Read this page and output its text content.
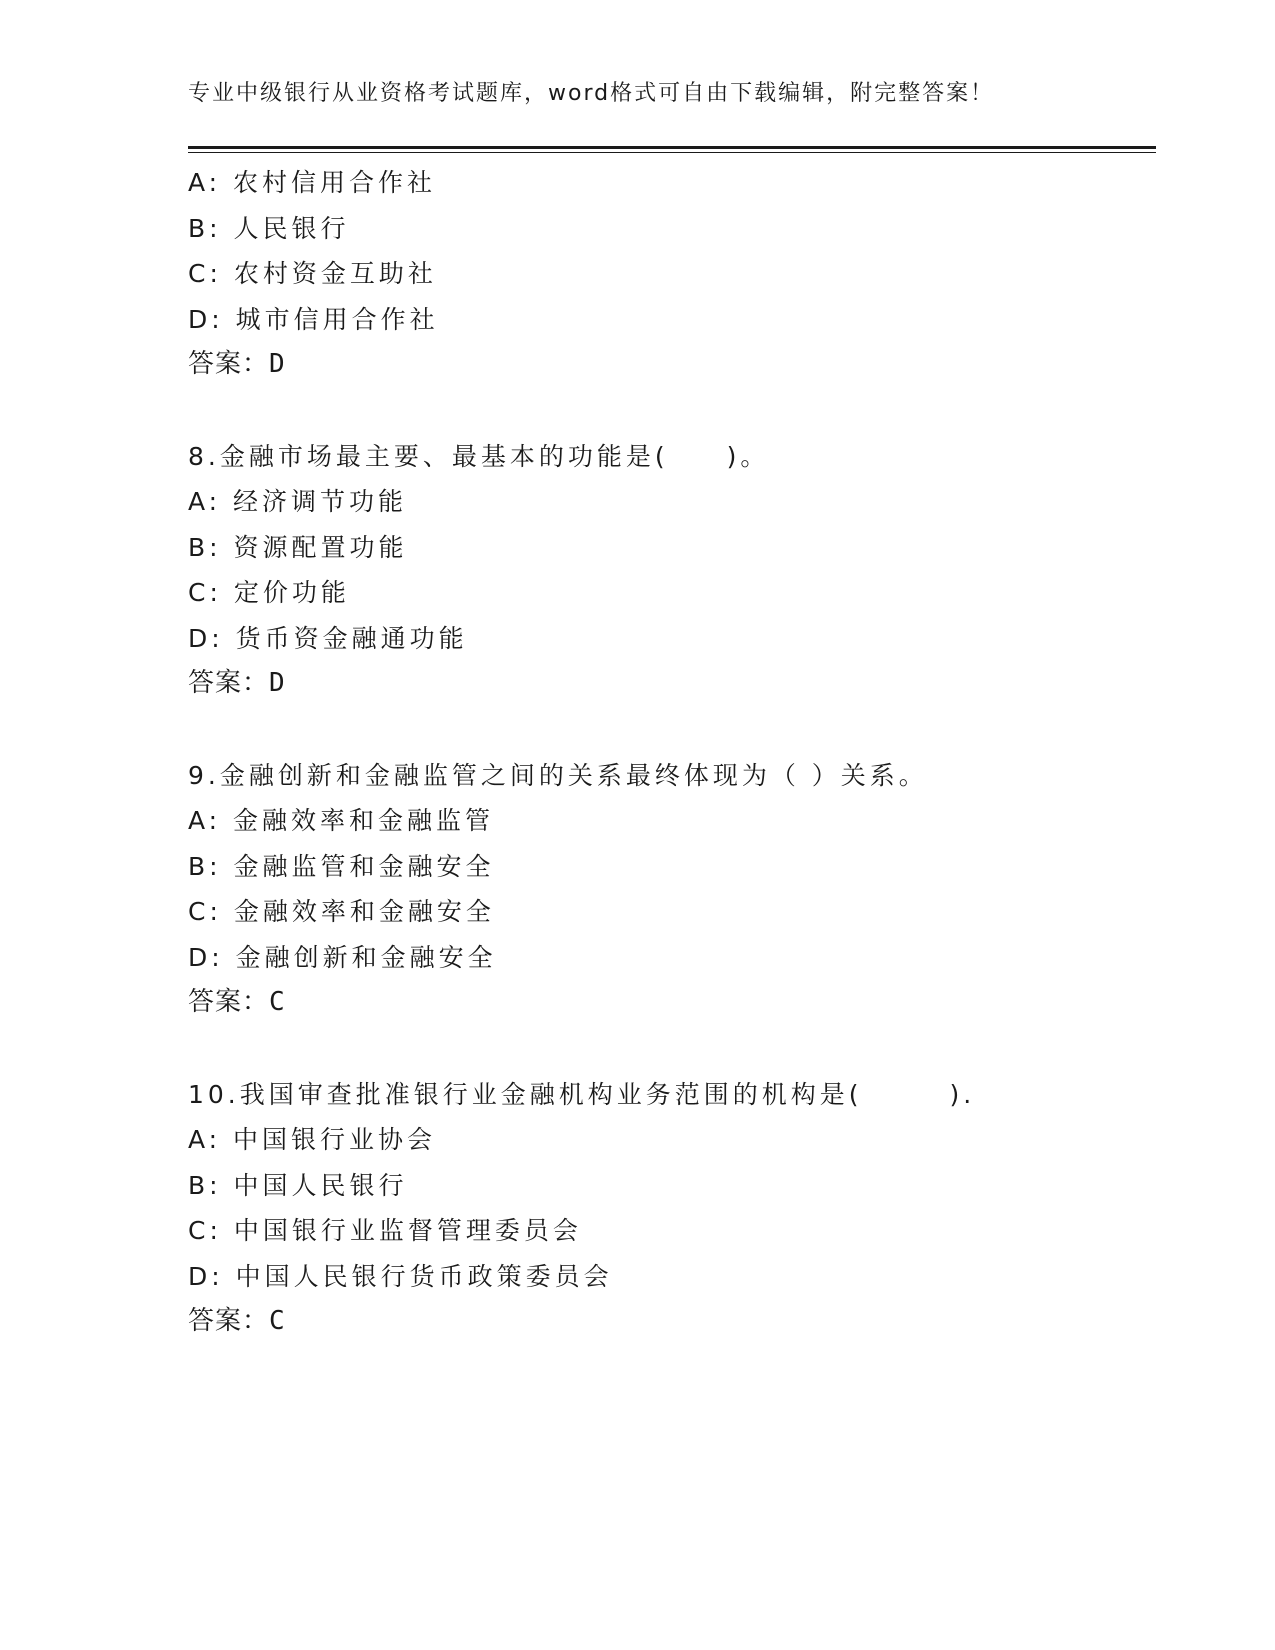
专业中级银行从业资格考试题库，word格式可自由下载编辑，附完整答案！
A: 农村信用合作社
B: 人民银行
C: 农村资金互助社
D: 城市信用合作社
答案：D
8.金融市场最主要、最基本的功能是(　　)。
A: 经济调节功能
B: 资源配置功能
C: 定价功能
D: 货币资金融通功能
答案：D
9.金融创新和金融监管之间的关系最终体现为（ ）关系。
A: 金融效率和金融监管
B: 金融监管和金融安全
C: 金融效率和金融安全
D: 金融创新和金融安全
答案：C
10.我国审查批准银行业金融机构业务范围的机构是(　　　).
A: 中国银行业协会
B: 中国人民银行
C: 中国银行业监督管理委员会
D: 中国人民银行货币政策委员会
答案：C
